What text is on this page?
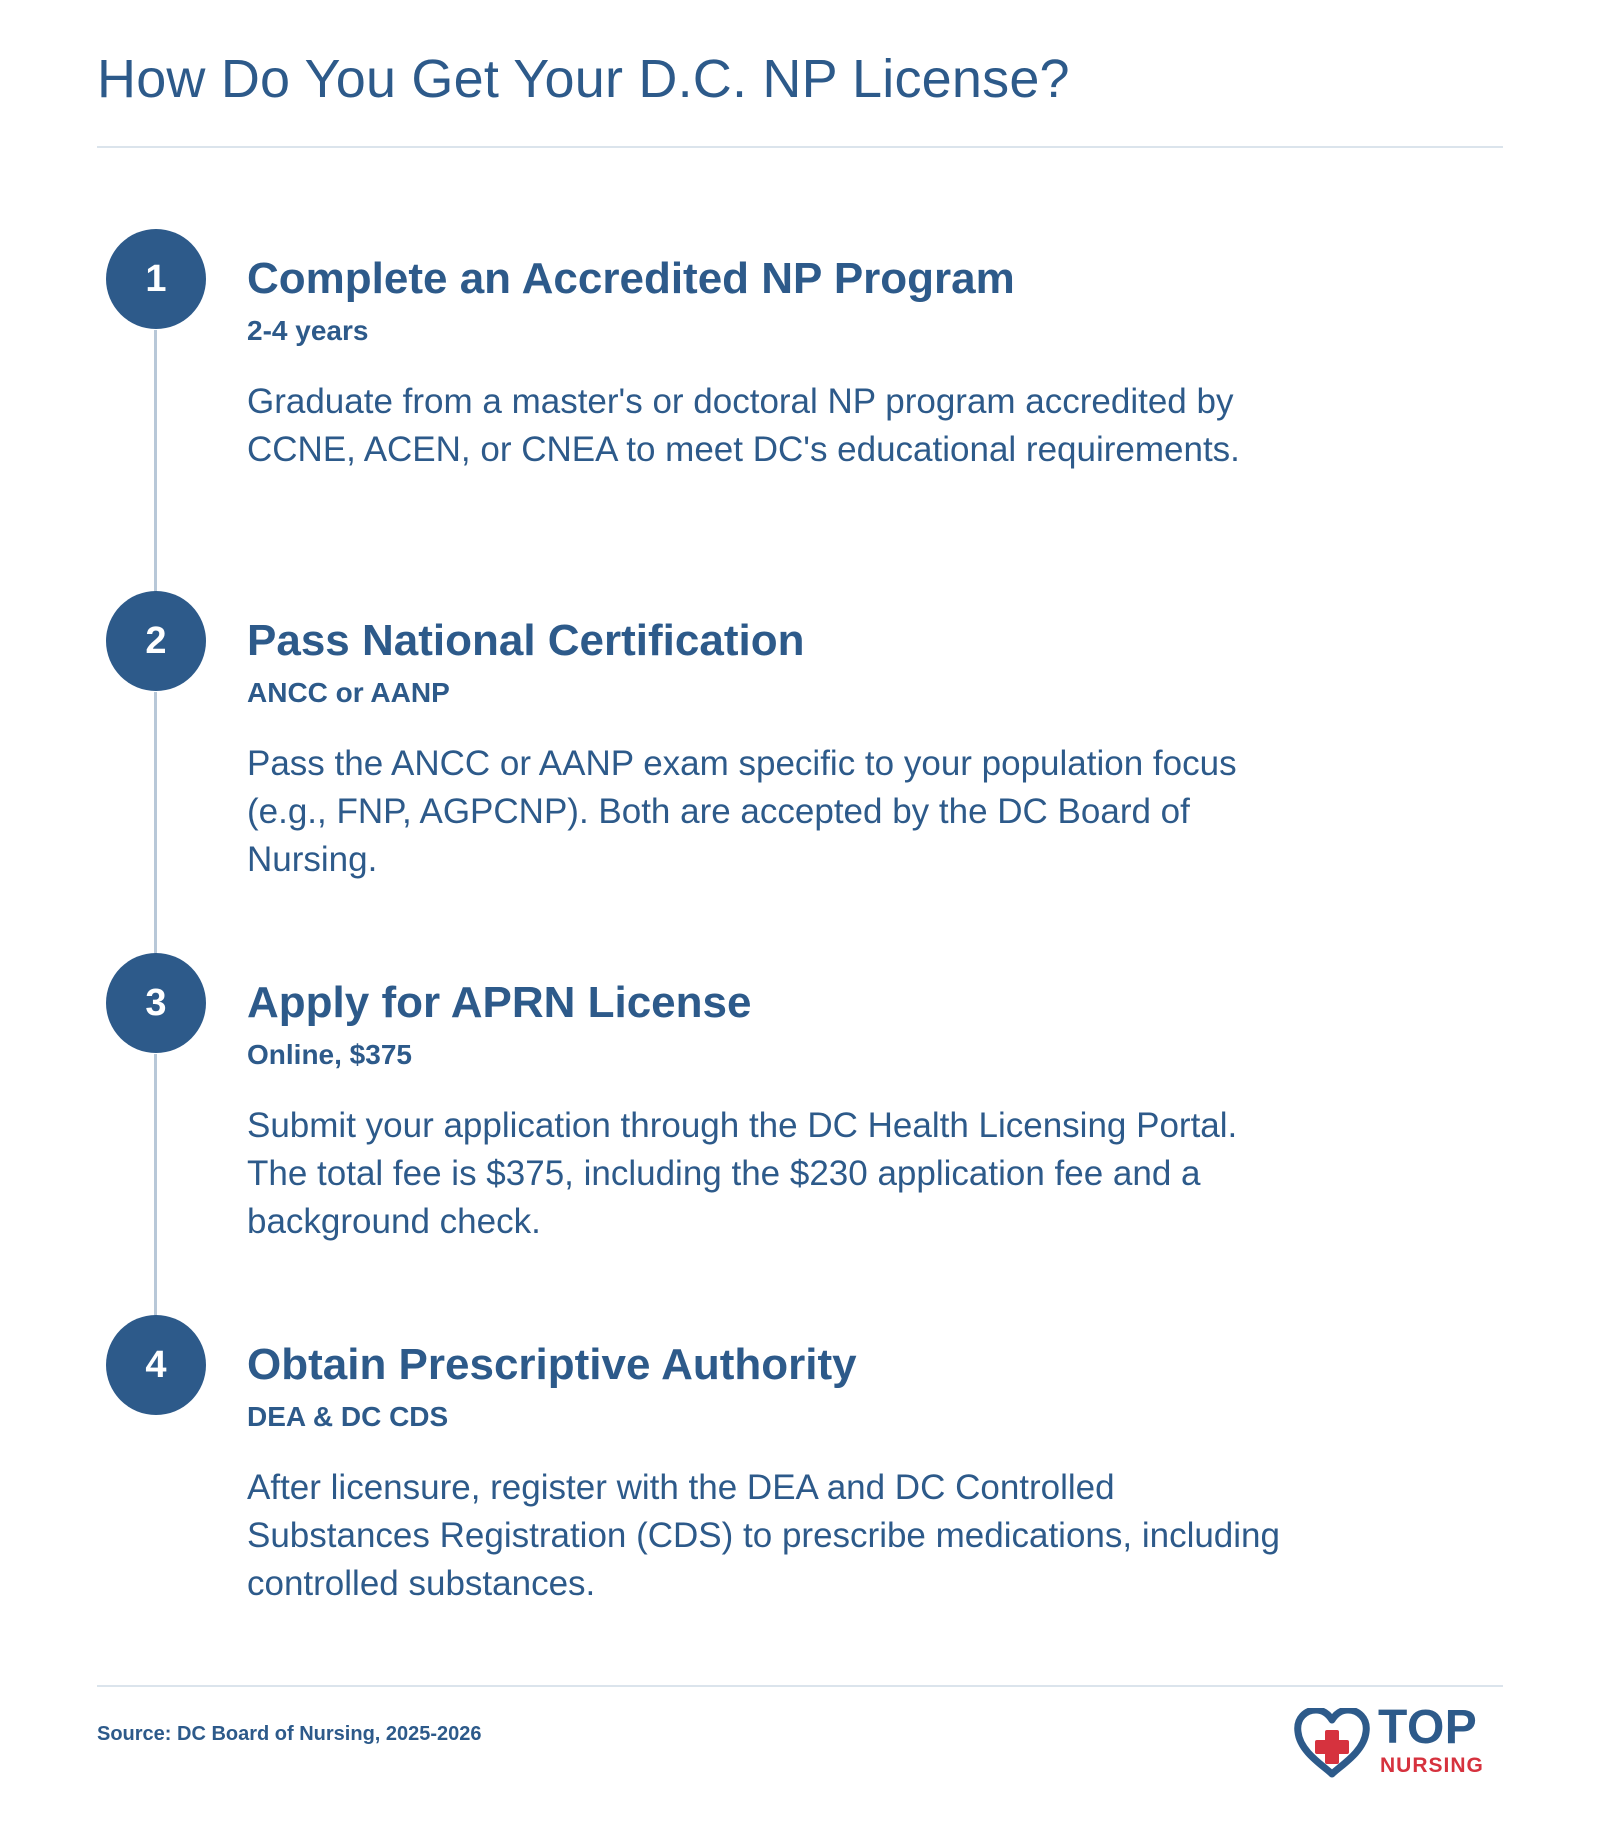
How Do You Get Your D.C. NP License?
1	Complete an Accredited NP Program
2-4 years
Graduate from a master's or doctoral NP program accredited by CCNE, ACEN, or CNEA to meet DC's educational requirements.
2	Pass National Certification
ANCC or AANP
Pass the ANCC or AANP exam specific to your population focus (e.g., FNP, AGPCNP). Both are accepted by the DC Board of Nursing.
3	Apply for APRN License
Online, $375
Submit your application through the DC Health Licensing Portal. The total fee is $375, including the $230 application fee and a background check.
4	Obtain Prescriptive Authority
DEA & DC CDS
After licensure, register with the DEA and DC Controlled Substances Registration (CDS) to prescribe medications, including controlled substances.
Source: DC Board of Nursing, 2025-2026	TOP
NURSING
